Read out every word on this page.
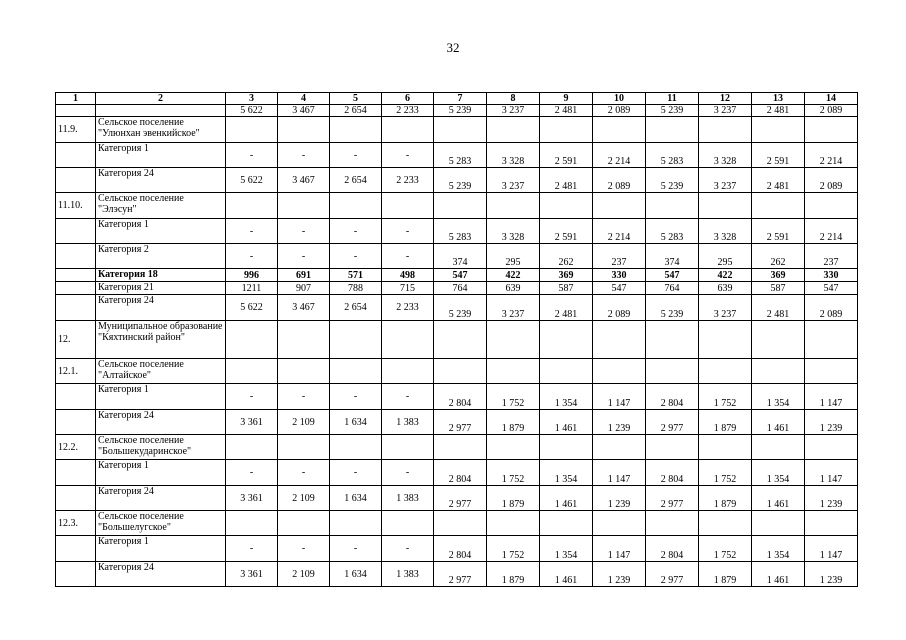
32
1	2	3	4	5	6	7	8	9	10	11	12	13	14
		5 622	3 467	2 654	2 233	5 239	3 237	2 481	2 089	5 239	3 237	2 481	2 089
11.9.	Сельское поселение "Улюнхан эвенкийское"												
	Категория 1	-	-	-	-	5 283	3 328	2 591	2 214	5 283	3 328	2 591	2 214
	Категория 24	5 622	3 467	2 654	2 233	5 239	3 237	2 481	2 089	5 239	3 237	2 481	2 089
11.10.	Сельское поселение "Элэсун"												
	Категория 1	-	-	-	-	5 283	3 328	2 591	2 214	5 283	3 328	2 591	2 214
	Категория 2	-	-	-	-	374	295	262	237	374	295	262	237
	Категория 18	996	691	571	498	547	422	369	330	547	422	369	330
	Категория 21	1211	907	788	715	764	639	587	547	764	639	587	547
	Категория 24	5 622	3 467	2 654	2 233	5 239	3 237	2 481	2 089	5 239	3 237	2 481	2 089
12.	Муниципальное образование "Кяхтинский район"												
12.1.	Сельское поселение "Алтайское"												
	Категория 1	-	-	-	-	2 804	1 752	1 354	1 147	2 804	1 752	1 354	1 147
	Категория 24	3 361	2 109	1 634	1 383	2 977	1 879	1 461	1 239	2 977	1 879	1 461	1 239
12.2.	Сельское поселение "Большекударинское"												
	Категория 1	-	-	-	-	2 804	1 752	1 354	1 147	2 804	1 752	1 354	1 147
	Категория 24	3 361	2 109	1 634	1 383	2 977	1 879	1 461	1 239	2 977	1 879	1 461	1 239
12.3.	Сельское поселение "Большелугское"												
	Категория 1	-	-	-	-	2 804	1 752	1 354	1 147	2 804	1 752	1 354	1 147
	Категория 24	3 361	2 109	1 634	1 383	2 977	1 879	1 461	1 239	2 977	1 879	1 461	1 239
